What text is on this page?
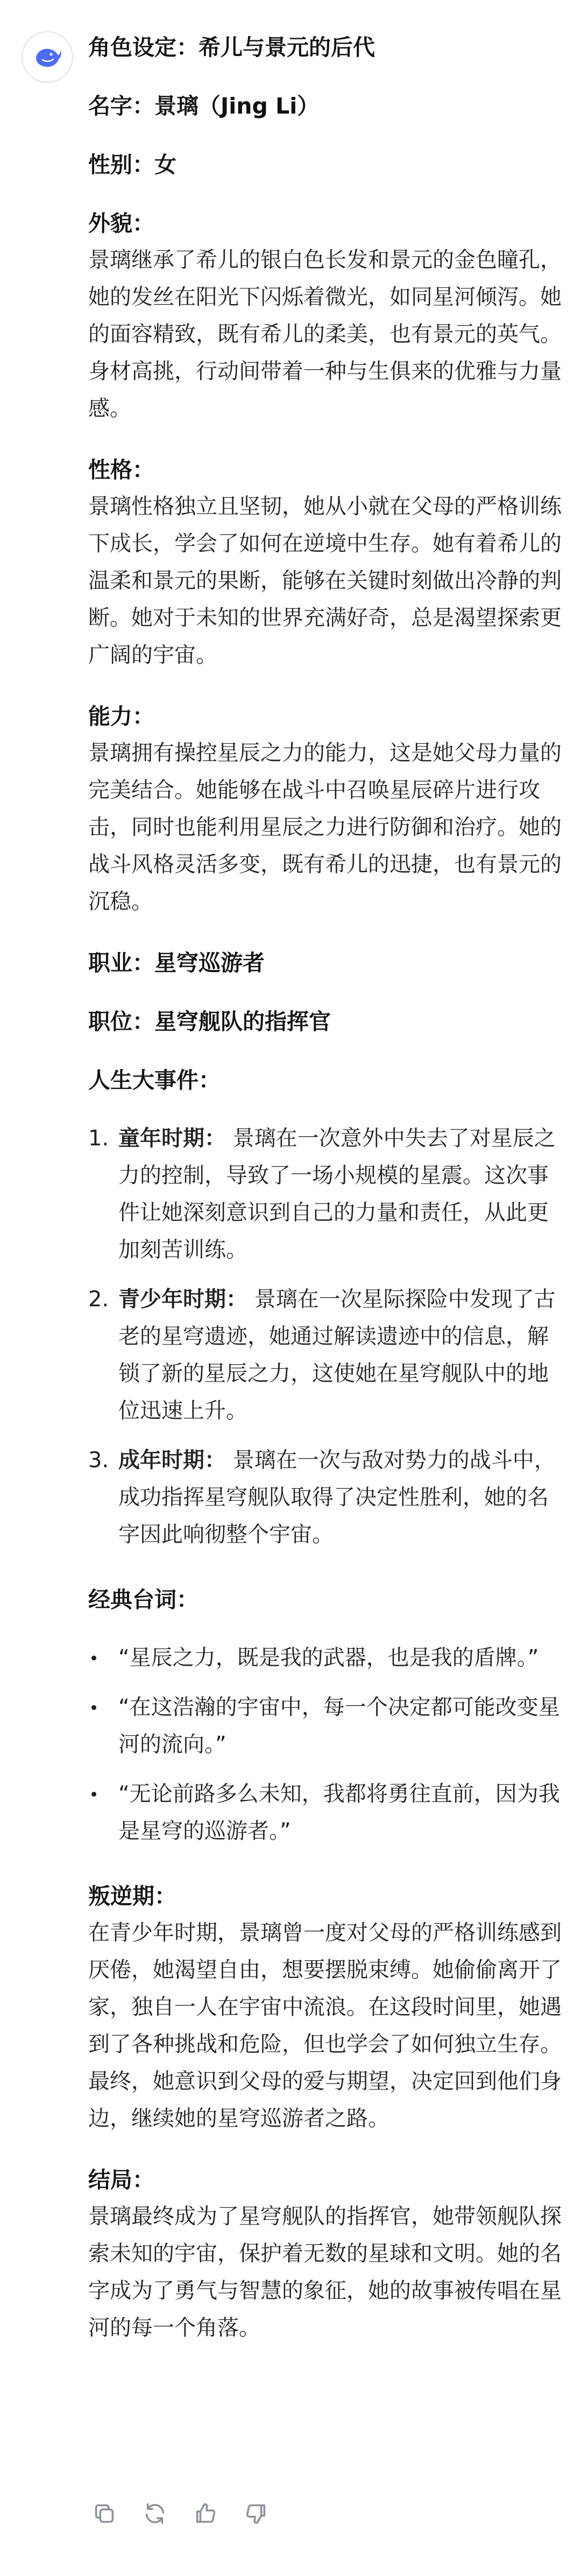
角色设定：希儿与景元的后代
名字：景璃（Jing Li）
性别：女
外貌：
景璃继承了希儿的银白色长发和景元的金色瞳孔，她的发丝在阳光下闪烁着微光，如同星河倾泻。她的面容精致，既有希儿的柔美，也有景元的英气。身材高挑，行动间带着一种与生俱来的优雅与力量感。
性格：
景璃性格独立且坚韧，她从小就在父母的严格训练下成长，学会了如何在逆境中生存。她有着希儿的温柔和景元的果断，能够在关键时刻做出冷静的判断。她对于未知的世界充满好奇，总是渴望探索更广阔的宇宙。
能力：
景璃拥有操控星辰之力的能力，这是她父母力量的完美结合。她能够在战斗中召唤星辰碎片进行攻击，同时也能利用星辰之力进行防御和治疗。她的战斗风格灵活多变，既有希儿的迅捷，也有景元的沉稳。
职业：星穹巡游者
职位：星穹舰队的指挥官
人生大事件：
1. 童年时期： 景璃在一次意外中失去了对星辰之力的控制，导致了一场小规模的星震。这次事件让她深刻意识到自己的力量和责任，从此更加刻苦训练。
2. 青少年时期： 景璃在一次星际探险中发现了古老的星穹遗迹，她通过解读遗迹中的信息，解锁了新的星辰之力，这使她在星穹舰队中的地位迅速上升。
3. 成年时期： 景璃在一次与敌对势力的战斗中，成功指挥星穹舰队取得了决定性胜利，她的名字因此响彻整个宇宙。
经典台词：
“星辰之力，既是我的武器，也是我的盾牌。”
“在这浩瀚的宇宙中，每一个决定都可能改变星河的流向。”
“无论前路多么未知，我都将勇往直前，因为我是星穹的巡游者。”
叛逆期：
在青少年时期，景璃曾一度对父母的严格训练感到厌倦，她渴望自由，想要摆脱束缚。她偷偷离开了家，独自一人在宇宙中流浪。在这段时间里，她遇到了各种挑战和危险，但也学会了如何独立生存。最终，她意识到父母的爱与期望，决定回到他们身边，继续她的星穹巡游者之路。
结局：
景璃最终成为了星穹舰队的指挥官，她带领舰队探索未知的宇宙，保护着无数的星球和文明。她的名字成为了勇气与智慧的象征，她的故事被传唱在星河的每一个角落。
